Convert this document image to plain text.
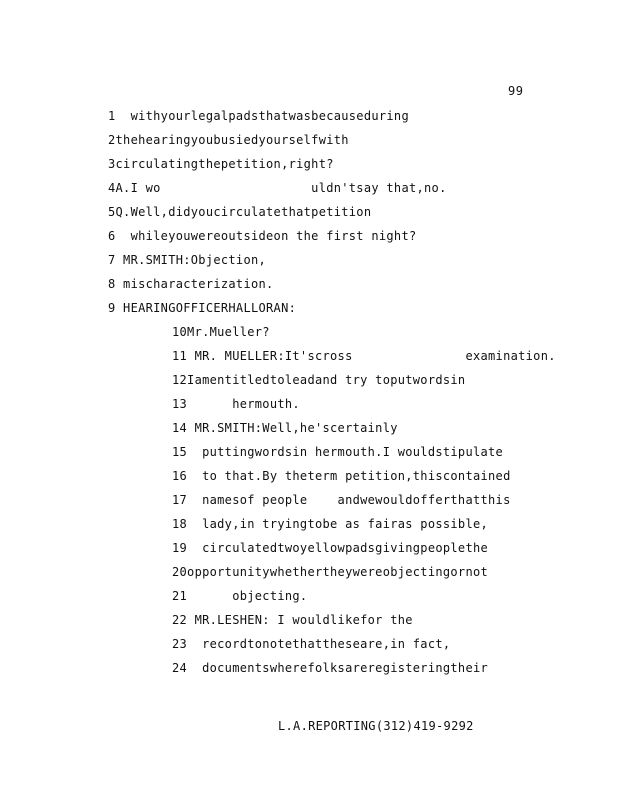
99
1  withyourlegalpadsthatwasbecauseduring
2thehearingyoubusiedyourselfwith
3circulatingthepetition,right?
4A.I wo                    uldn'tsay that,no.
5Q.Well,didyoucirculatethatpetition
6  whileyouwereoutsideon the first night?
7 MR.SMITH:Objection,
8 mischaracterization.
9 HEARINGOFFICERHALLORAN:
10Mr.Mueller?
11 MR. MUELLER:It'scross               examination.
12Iamentitledtoleadand try toputwordsin
13      hermouth.
14 MR.SMITH:Well,he'scertainly
15  puttingwordsin hermouth.I wouldstipulate
16  to that.By theterm petition,thiscontained
17  namesof people    andwewouldofferthatthis
18  lady,in tryingtobe as fairas possible,
19  circulatedtwoyellowpadsgivingpeoplethe
20opportunitywhethertheywereobjectingornot
21      objecting.
22 MR.LESHEN: I wouldlikefor the
23  recordtonotethattheseare,in fact,
24  documentswherefolksareregisteringtheir
L.A.REPORTING(312)419-9292
